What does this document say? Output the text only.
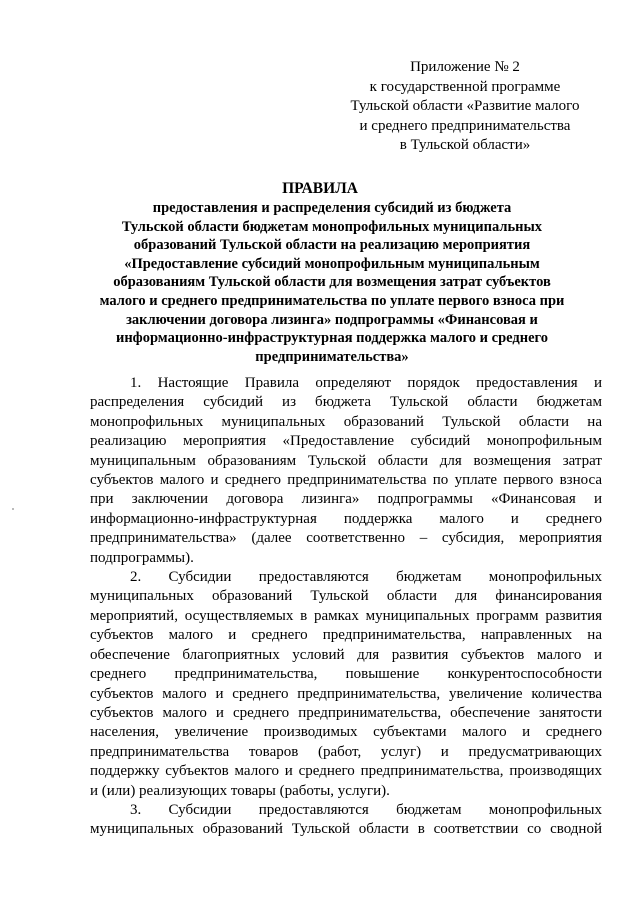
Приложение № 2
к государственной программе
Тульской области «Развитие малого
и среднего предпринимательства
в Тульской области»
ПРАВИЛА
предоставления и распределения субсидий из бюджета
Тульской области бюджетам монопрофильных муниципальных
образований Тульской области на реализацию мероприятия
«Предоставление субсидий монопрофильным муниципальным
образованиям Тульской области для возмещения затрат субъектов
малого и среднего предпринимательства по уплате первого взноса при
заключении договора лизинга» подпрограммы «Финансовая и
информационно-инфраструктурная поддержка малого и среднего
предпринимательства»
1. Настоящие Правила определяют порядок предоставления и
распределения субсидий из бюджета Тульской области бюджетам
монопрофильных муниципальных образований Тульской области на
реализацию мероприятия «Предоставление субсидий монопрофильным
муниципальным образованиям Тульской области для возмещения затрат
субъектов малого и среднего предпринимательства по уплате первого взноса
при заключении договора лизинга» подпрограммы «Финансовая и
информационно-инфраструктурная поддержка малого и среднего
предпринимательства» (далее соответственно – субсидия, мероприятия
подпрограммы).
2. Субсидии предоставляются бюджетам монопрофильных
муниципальных образований Тульской области для финансирования
мероприятий, осуществляемых в рамках муниципальных программ развития
субъектов малого и среднего предпринимательства, направленных на
обеспечение благоприятных условий для развития субъектов малого и
среднего предпринимательства, повышение конкурентоспособности
субъектов малого и среднего предпринимательства, увеличение количества
субъектов малого и среднего предпринимательства, обеспечение занятости
населения, увеличение производимых субъектами малого и среднего
предпринимательства товаров (работ, услуг) и предусматривающих
поддержку субъектов малого и среднего предпринимательства, производящих
и (или) реализующих товары (работы, услуги).
3. Субсидии предоставляются бюджетам монопрофильных
муниципальных образований Тульской области в соответствии со сводной
